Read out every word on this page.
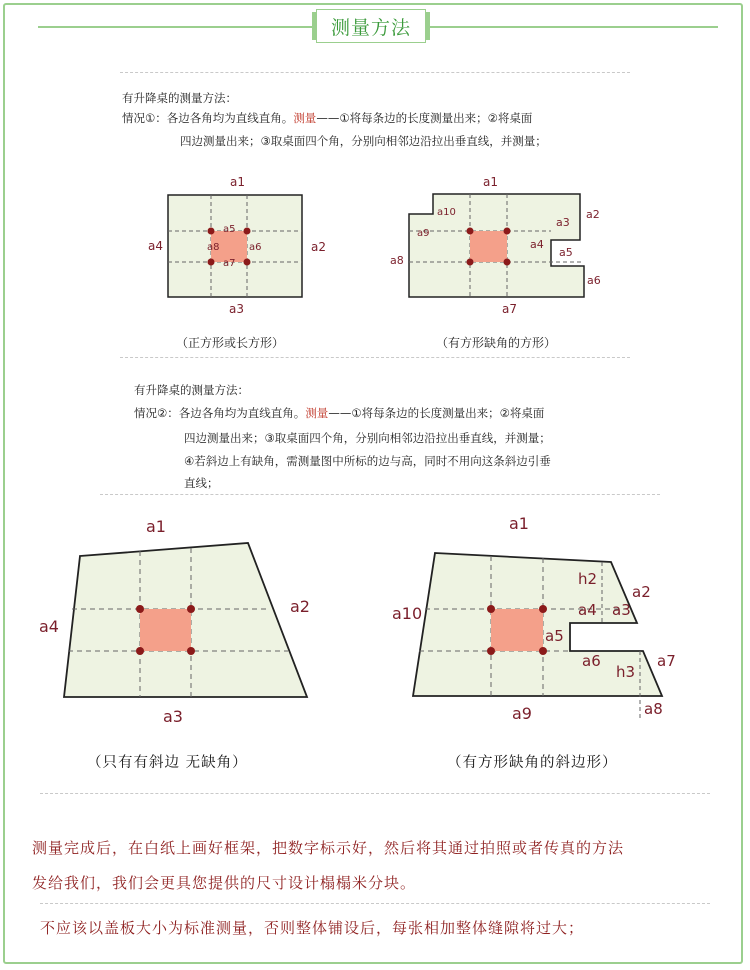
测量方法
有升降桌的测量方法：
情况①：各边各角均为直线直角。测量——①将每条边的长度测量出来；②将桌面
四边测量出来；③取桌面四个角，分别向相邻边沿拉出垂直线，并测量；
a1
a2
a3
a4
a5
a6
a7
a8
a1
a2
a3
a4
a5
a6
a7
a8
a9
a10
a1
a2
a3
a4
a1
a2
a3
a4
a5
a6	a7
a8
a9
a10
h2
h3
（正方形或长方形）	（有方形缺角的方形）
有升降桌的测量方法：
情况②：各边各角均为直线直角。测量——①将每条边的长度测量出来；②将桌面
四边测量出来；③取桌面四个角，分别向相邻边沿拉出垂直线，并测量；
④若斜边上有缺角，需测量图中所标的边与高，同时不用向这条斜边引垂
直线；
（只有有斜边 无缺角）	（有方形缺角的斜边形）
测量完成后，在白纸上画好框架，把数字标示好，然后将其通过拍照或者传真的方法
发给我们，我们会更具您提供的尺寸设计榻榻米分块。
不应该以盖板大小为标准测量，否则整体铺设后，每张相加整体缝隙将过大；
